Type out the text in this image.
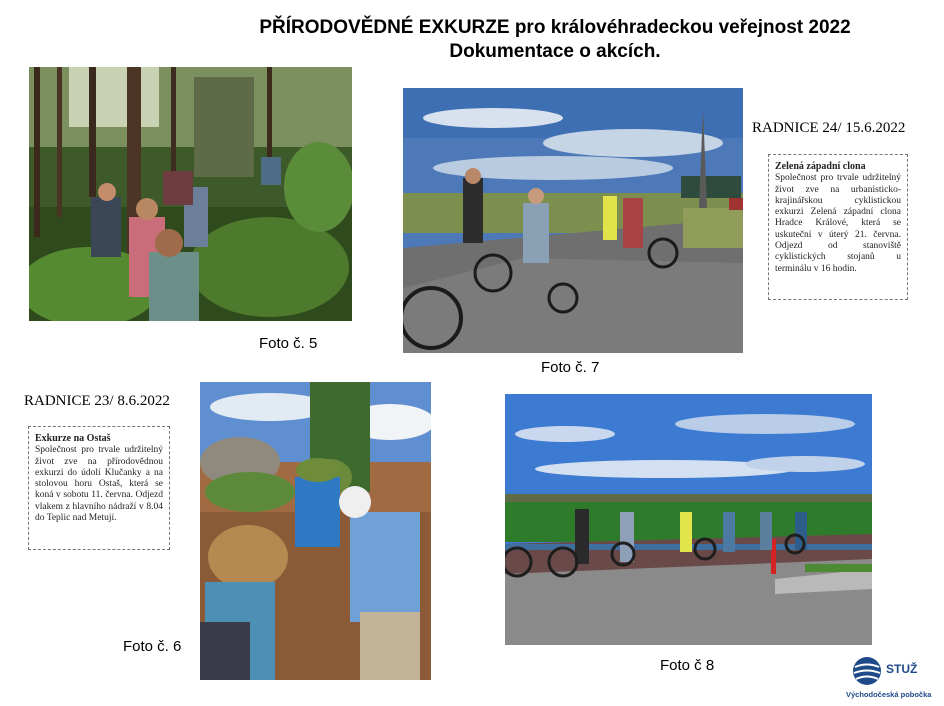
PŘÍRODOVĚDNÉ EXKURZE pro královéhradeckou veřejnost 2022
Dokumentace o akcích.
Foto č. 5
Foto č. 7
RADNICE 24/ 15.6.2022
Zelená západní clona
Společnost pro trvale udržitelný život zve na urbanisticko-krajinářskou cyklistickou exkurzi Zelená západní clona Hradce Králové, která se uskuteční v úterý 21. června. Odjezd od stanoviště cyklistických stojanů u terminálu v 16 hodin.
RADNICE 23/ 8.6.2022
Exkurze na Ostaš
Společnost pro trvale udržitelný život zve na přírodovědnou exkurzi do údolí Klučanky a na stolovou horu Ostaš, která se koná v sobotu 11. června. Odjezd vlakem z hlavního nádraží v 8.04 do Teplic nad Metují.
Foto č. 6
Foto č 8	STUŽ
Východočeská pobočka
